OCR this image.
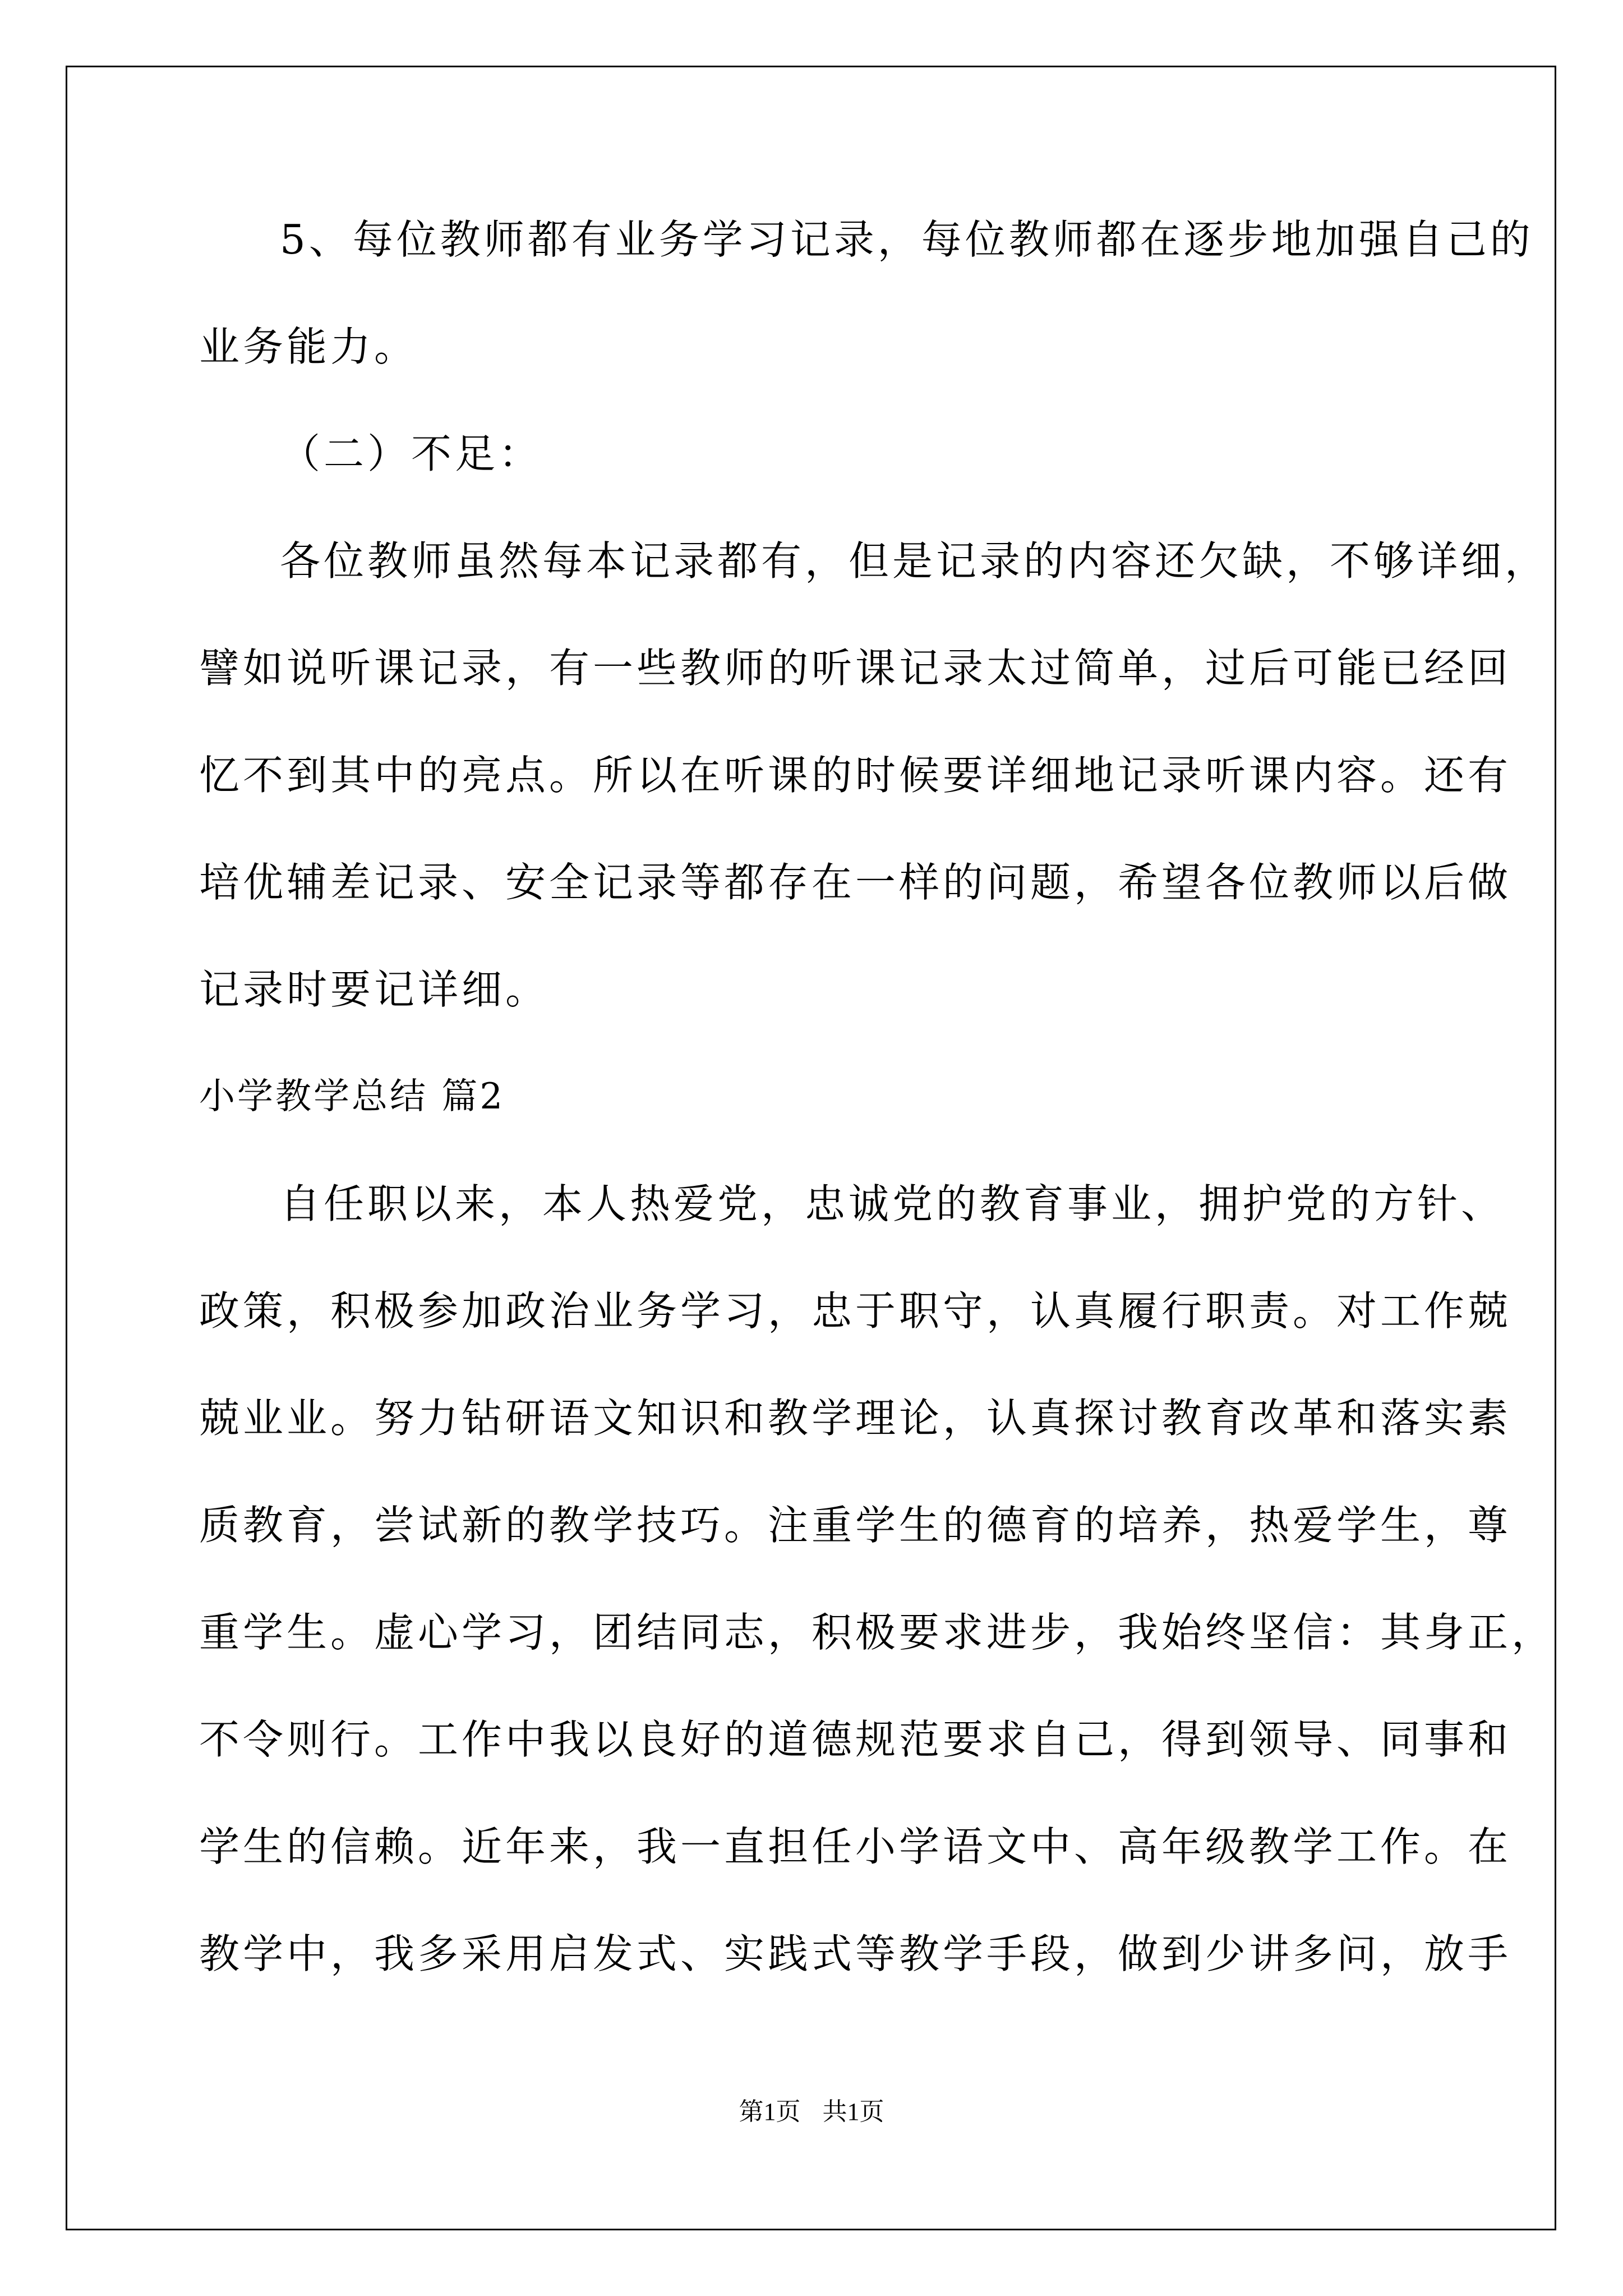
5、每位教师都有业务学习记录，每位教师都在逐步地加强自己的

业务能力。

（二）不足：

各位教师虽然每本记录都有，但是记录的内容还欠缺，不够详细，

譬如说听课记录，有一些教师的听课记录太过简单，过后可能已经回

忆不到其中的亮点。所以在听课的时候要详细地记录听课内容。还有

培优辅差记录、安全记录等都存在一样的问题，希望各位教师以后做

记录时要记详细。

小学教学总结 篇2

自任职以来，本人热爱党，忠诚党的教育事业，拥护党的方针、

政策，积极参加政治业务学习，忠于职守，认真履行职责。对工作兢

兢业业。努力钻研语文知识和教学理论，认真探讨教育改革和落实素

质教育，尝试新的教学技巧。注重学生的德育的培养，热爱学生，尊

重学生。虚心学习，团结同志，积极要求进步，我始终坚信：其身正，

不令则行。工作中我以良好的道德规范要求自己，得到领导、同事和

学生的信赖。近年来，我一直担任小学语文中、高年级教学工作。在

教学中，我多采用启发式、实践式等教学手段，做到少讲多问，放手

第1页 共1页
